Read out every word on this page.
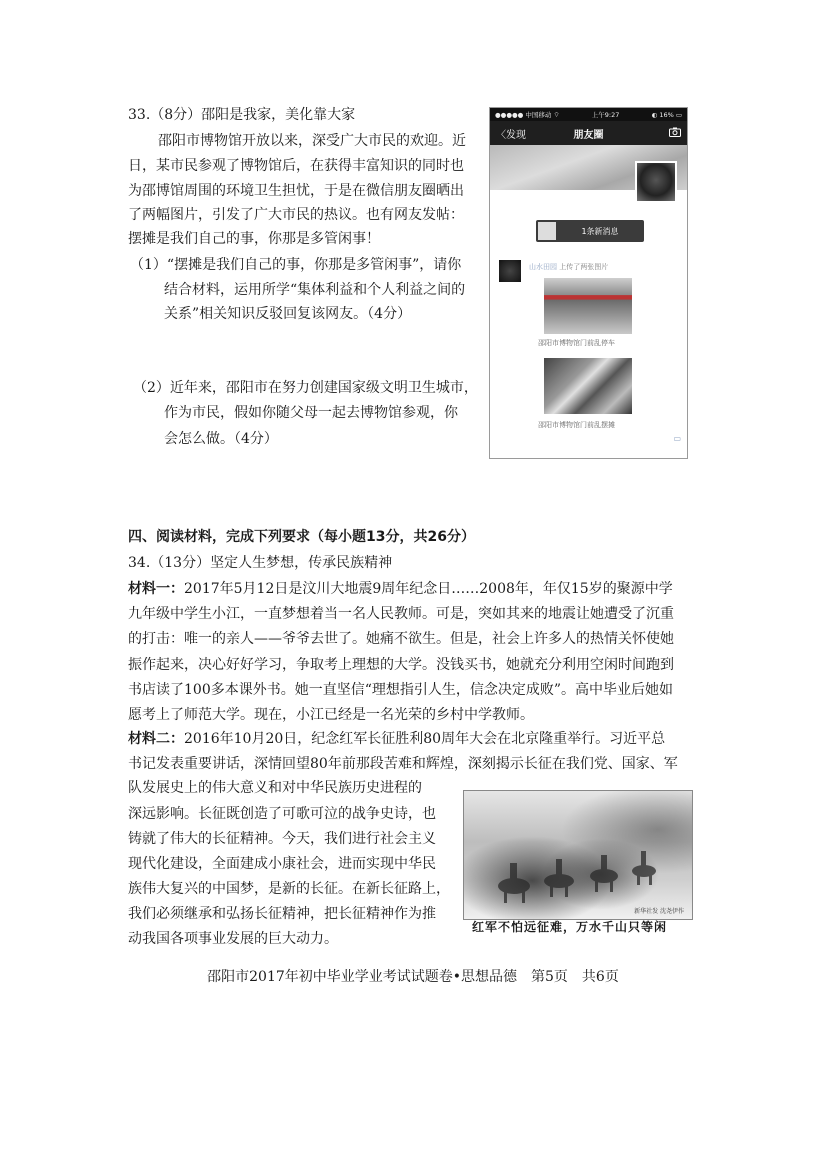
33.（8分）邵阳是我家，美化靠大家
邵阳市博物馆开放以来，深受广大市民的欢迎。近
日，某市民参观了博物馆后，在获得丰富知识的同时也
为邵博馆周围的环境卫生担忧，于是在微信朋友圈晒出
了两幅图片，引发了广大市民的热议。也有网友发帖：
摆摊是我们自己的事，你那是多管闲事！
（1）“摆摊是我们自己的事，你那是多管闲事”，请你
结合材料，运用所学“集体利益和个人利益之间的
关系”相关知识反驳回复该网友。（4分）
（2）近年来，邵阳市在努力创建国家级文明卫生城市，
作为市民，假如你随父母一起去博物馆参观，你
会怎么做。（4分）
●●●●● 中国移动 ⌔	上午9:27	◐ 16% ▭
〈发现	朋友圈
1条新消息
山水田园 上传了两张图片
邵阳市博物馆门前乱停车
邵阳市博物馆门前乱摆摊
▭
四、阅读材料，完成下列要求（每小题13分，共26分）
34.（13分）坚定人生梦想，传承民族精神
材料一：2017年5月12日是汶川大地震9周年纪念日……2008年，年仅15岁的聚源中学
九年级中学生小江，一直梦想着当一名人民教师。可是，突如其来的地震让她遭受了沉重
的打击：唯一的亲人——爷爷去世了。她痛不欲生。但是，社会上许多人的热情关怀使她
振作起来，决心好好学习，争取考上理想的大学。没钱买书，她就充分利用空闲时间跑到
书店读了100多本课外书。她一直坚信“理想指引人生，信念决定成败”。高中毕业后她如
愿考上了师范大学。现在，小江已经是一名光荣的乡村中学教师。
材料二：2016年10月20日，纪念红军长征胜利80周年大会在北京隆重举行。习近平总
书记发表重要讲话，深情回望80年前那段苦难和辉煌，深刻揭示长征在我们党、国家、军
队发展史上的伟大意义和对中华民族历史进程的
深远影响。长征既创造了可歌可泣的战争史诗，也
铸就了伟大的长征精神。今天，我们进行社会主义
现代化建设，全面建成小康社会，进而实现中华民
族伟大复兴的中国梦，是新的长征。在新长征路上，
我们必须继承和弘扬长征精神，把长征精神作为推
动我国各项事业发展的巨大动力。
新华社发 沈尧伊作
红军不怕远征难，万水千山只等闲
邵阳市2017年初中毕业学业考试试题卷•思想品德　第5页　共6页
